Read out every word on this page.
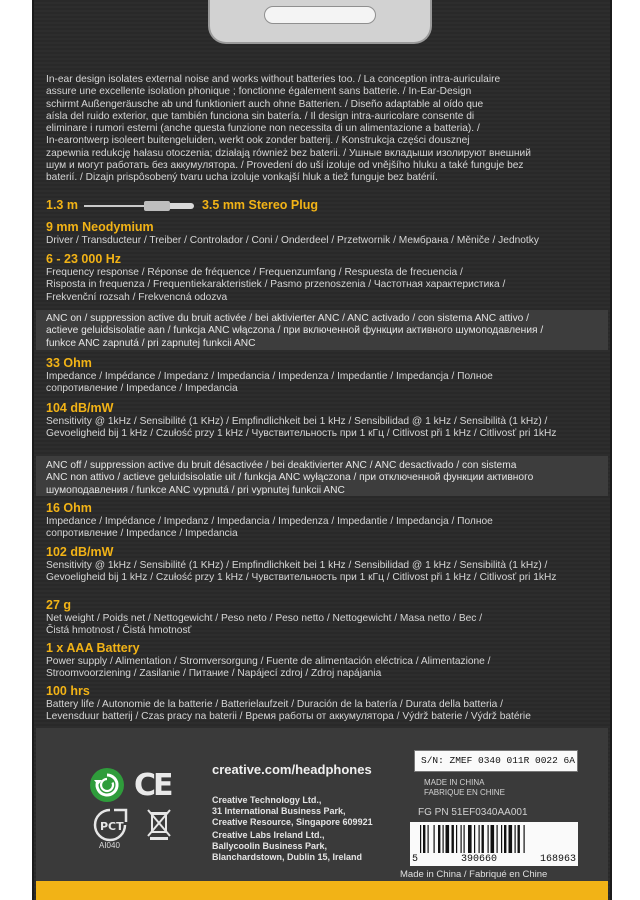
In-ear design isolates external noise and works without batteries too. / La conception intra-auriculaire
assure une excellente isolation phonique ; fonctionne également sans batterie. / In-Ear-Design
schirmt Außengeräusche ab und funktioniert auch ohne Batterien. / Diseño adaptable al oído que
aísla del ruido exterior, que también funciona sin batería. / Il design intra-auricolare consente di
eliminare i rumori esterni (anche questa funzione non necessita di un alimentazione a batteria). /
In-earontwerp isoleert buitengeluiden, werkt ook zonder batterij. / Konstrukcja części dousznej
zapewnia redukcję hałasu otoczenia; działają również bez baterii. / Ушные вкладыши изолируют внешний
шум и могут работать без аккумулятора. / Provedení do uší izoluje od vnějšího hluku a také funguje bez
baterií. / Dizajn prispôsobený tvaru ucha izoluje vonkajší hluk a tiež funguje bez batérií.
1.3 m	3.5 mm Stereo Plug
9 mm Neodymium
Driver / Transducteur / Treiber / Controlador / Coni / Onderdeel / Przetwornik / Мембрана / Měniče / Jednotky
6 - 23 000 Hz
Frequency response / Réponse de fréquence / Frequenzumfang / Respuesta de frecuencia /
Risposta in frequenza / Frequentiekarakteristiek / Pasmo przenoszenia / Частотная характеристика /
Frekvenční rozsah / Frekvencná odozva
ANC on / suppression active du bruit activée / bei aktivierter ANC / ANC activado / con sistema ANC attivo /
actieve geluidsisolatie aan / funkcja ANC włączona / при включенной функции активного шумоподавления /
funkce ANC zapnutá / pri zapnutej funkcii ANC
33 Ohm
Impedance / Impédance / Impedanz / Impedancia / Impedenza / Impedantie / Impedancja / Полное
сопротивление / Impedance / Impedancia
104 dB/mW
Sensitivity @ 1kHz / Sensibilité (1 KHz) / Empfindlichkeit bei 1 kHz / Sensibilidad @ 1 kHz / Sensibilità (1 kHz) /
Gevoeligheid bij 1 kHz / Czułość przy 1 kHz / Чувствительность при 1 кГц / Citlivost při 1 kHz / Citlivosť pri 1kHz
ANC off / suppression active du bruit désactivée / bei deaktivierter ANC / ANC desactivado / con sistema
ANC non attivo / actieve geluidsisolatie uit / funkcja ANC wyłączona / при отключенной функции активного
шумоподавления / funkce ANC vypnutá / pri vypnutej funkcii ANC
16 Ohm
Impedance / Impédance / Impedanz / Impedancia / Impedenza / Impedantie / Impedancja / Полное
сопротивление / Impedance / Impedancia
102 dB/mW
Sensitivity @ 1kHz / Sensibilité (1 KHz) / Empfindlichkeit bei 1 kHz / Sensibilidad @ 1 kHz / Sensibilità (1 kHz) /
Gevoeligheid bij 1 kHz / Czułość przy 1 kHz / Чувствительность при 1 кГц / Citlivost při 1 kHz / Citlivosť pri 1kHz
27 g
Net weight / Poids net / Nettogewicht / Peso neto / Peso netto / Nettogewicht / Masa netto / Вес /
Čistá hmotnost / Čistá hmotnosť
1 x AAA Battery
Power supply / Alimentation / Stromversorgung / Fuente de alimentación eléctrica / Alimentazione /
Stroomvoorziening / Zasilanie / Питание / Napájecí zdroj / Zdroj napájania
100 hrs
Battery life / Autonomie de la batterie / Batterielaufzeit / Duración de la batería / Durata della batteria /
Levensduur batterij / Czas pracy na baterii / Время работы от аккумулятора / Výdrž baterie / Výdrž batérie
CE
PCT
AI040
creative.com/headphones
Creative Technology Ltd.,
31 International Business Park,
Creative Resource, Singapore 609921
Creative Labs Ireland Ltd.,
Ballycoolin Business Park,
Blanchardstown, Dublin 15, Ireland
S/N: ZMEF 0340 011R 0022 6A
MADE IN CHINA
FABRIQUE EN CHINE
FG PN 51EF0340AA001
5	390660	168963
Made in China / Fabriqué en Chine
